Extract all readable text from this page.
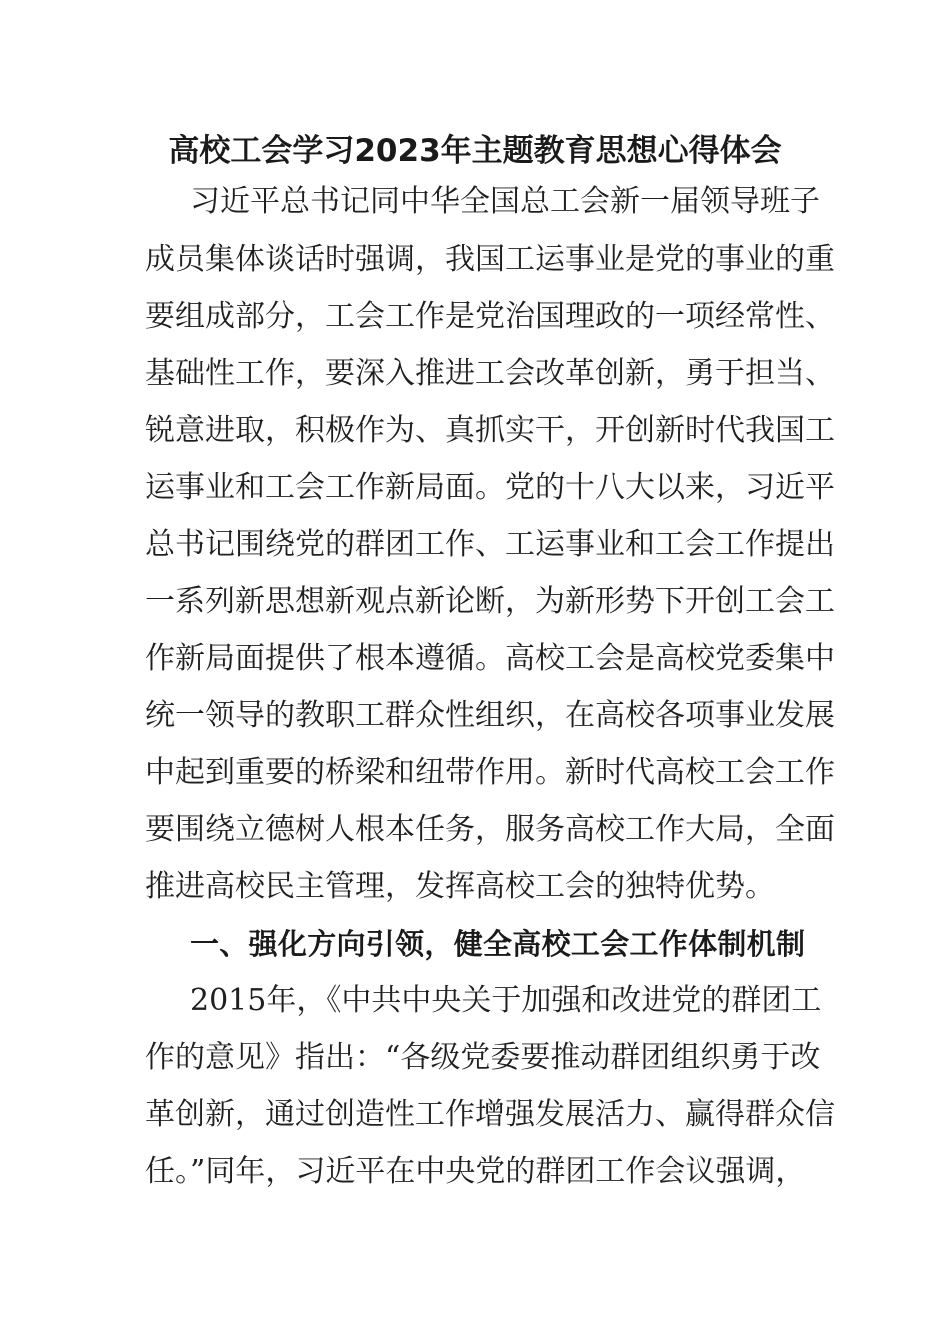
高校工会学习2023年主题教育思想心得体会

习近平总书记同中华全国总工会新一届领导班子

成员集体谈话时强调，我国工运事业是党的事业的重

要组成部分，工会工作是党治国理政的一项经常性、

基础性工作，要深入推进工会改革创新，勇于担当、

锐意进取，积极作为、真抓实干，开创新时代我国工

运事业和工会工作新局面。党的十八大以来，习近平

总书记围绕党的群团工作、工运事业和工会工作提出

一系列新思想新观点新论断，为新形势下开创工会工

作新局面提供了根本遵循。高校工会是高校党委集中

统一领导的教职工群众性组织，在高校各项事业发展

中起到重要的桥梁和纽带作用。新时代高校工会工作

要围绕立德树人根本任务，服务高校工作大局，全面

推进高校民主管理，发挥高校工会的独特优势。

一、强化方向引领，健全高校工会工作体制机制

2015年，《中共中央关于加强和改进党的群团工

作的意见》指出：“各级党委要推动群团组织勇于改

革创新，通过创造性工作增强发展活力、赢得群众信

任。”同年，习近平在中央党的群团工作会议强调，
